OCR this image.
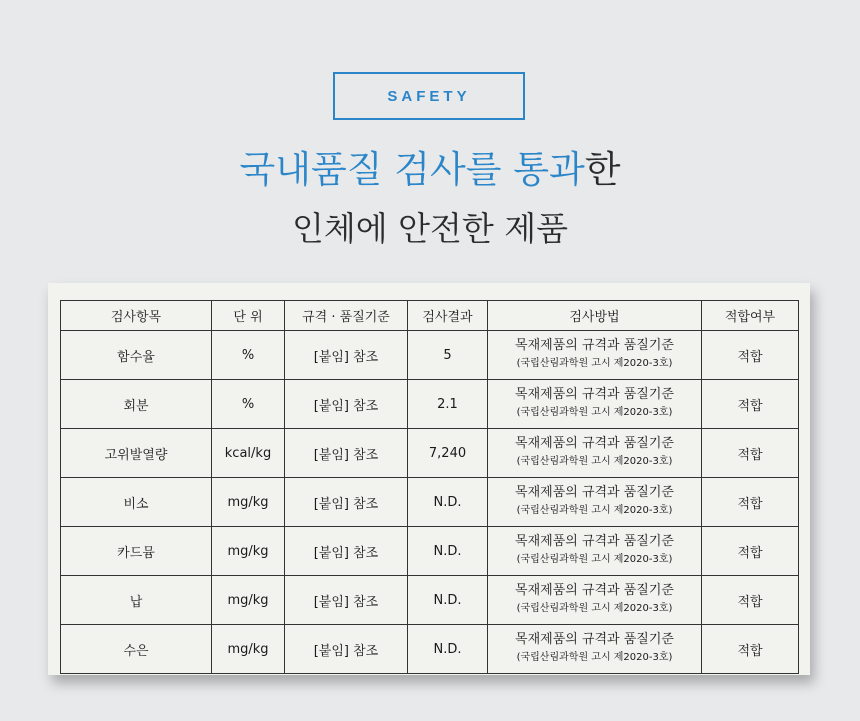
SAFETY
국내품질 검사를 통과한
인체에 안전한 제품
검사항목	단 위	규격 · 품질기준	검사결과	검사방법	적합여부
함수율	%	[붙임] 참조	5	목재제품의 규격과 품질기준
(국립산림과학원 고시 제2020-3호)	적합
회분	%	[붙임] 참조	2.1	목재제품의 규격과 품질기준
(국립산림과학원 고시 제2020-3호)	적합
고위발열량	kcal/kg	[붙임] 참조	7,240	목재제품의 규격과 품질기준
(국립산림과학원 고시 제2020-3호)	적합
비소	mg/kg	[붙임] 참조	N.D.	목재제품의 규격과 품질기준
(국립산림과학원 고시 제2020-3호)	적합
카드뮴	mg/kg	[붙임] 참조	N.D.	목재제품의 규격과 품질기준
(국립산림과학원 고시 제2020-3호)	적합
납	mg/kg	[붙임] 참조	N.D.	목재제품의 규격과 품질기준
(국립산림과학원 고시 제2020-3호)	적합
수은	mg/kg	[붙임] 참조	N.D.	목재제품의 규격과 품질기준
(국립산림과학원 고시 제2020-3호)	적합
